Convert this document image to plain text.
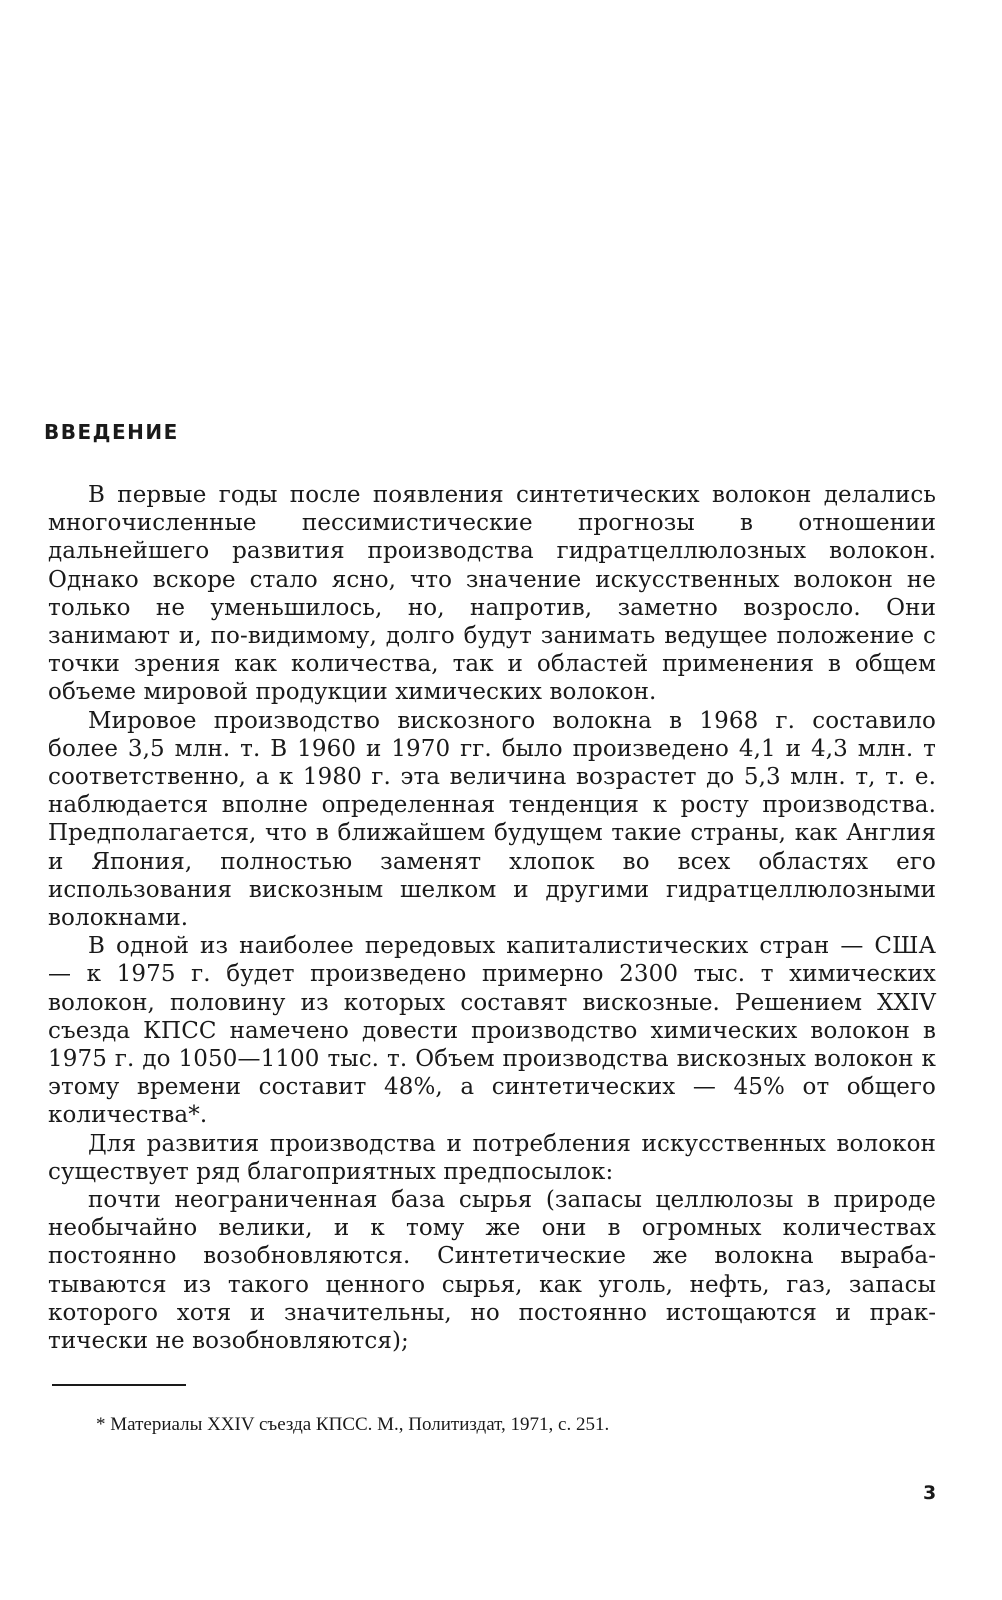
ВВЕДЕНИЕ

В первые годы после появления синтетических волокон делались многочисленные пессимистические прогнозы в отношении дальнейшего развития производства гидратцеллюлозных волокон. Однако вскоре стало ясно, что значение искусственных волокон не только не уменьшилось, но, напротив, заметно возросло. Они занимают и, по-видимому, долго будут занимать ведущее положение с точки зрения как количества, так и областей применения в общем объеме мировой продукции химических волокон.

Мировое производство вискозного волокна в 1968 г. составило более 3,5 млн. т. В 1960 и 1970 гг. было произведено 4,1 и 4,3 млн. т соответственно, а к 1980 г. эта величина возрастет до 5,3 млн. т, т. е. наблюдается вполне определенная тенденция к росту производства. Предполагается, что в ближайшем будущем такие страны, как Англия и Япония, полностью заменят хлопок во всех областях его использования вискозным шелком и другими гидратцеллюлозными волокнами.

В одной из наиболее передовых капиталистических стран — США — к 1975 г. будет произведено примерно 2300 тыс. т химических волокон, половину из которых составят вискозные. Решением XXIV съезда КПСС намечено довести производство химических волокон в 1975 г. до 1050—1100 тыс. т. Объем производства вискозных волокон к этому времени составит 48%, а синтетических — 45% от общего количества*.

Для развития производства и потребления искусственных волокон существует ряд благоприятных предпосылок:

почти неограниченная база сырья (запасы целлюлозы в природе необычайно велики, и к тому же они в огромных количествах постоянно возобновляются. Синтетические же волокна вырабатываются из такого ценного сырья, как уголь, нефть, газ, запасы которого хотя и значительны, но постоянно истощаются и практически не возобновляются);

* Материалы XXIV съезда КПСС. М., Политиздат, 1971, с. 251.

3
